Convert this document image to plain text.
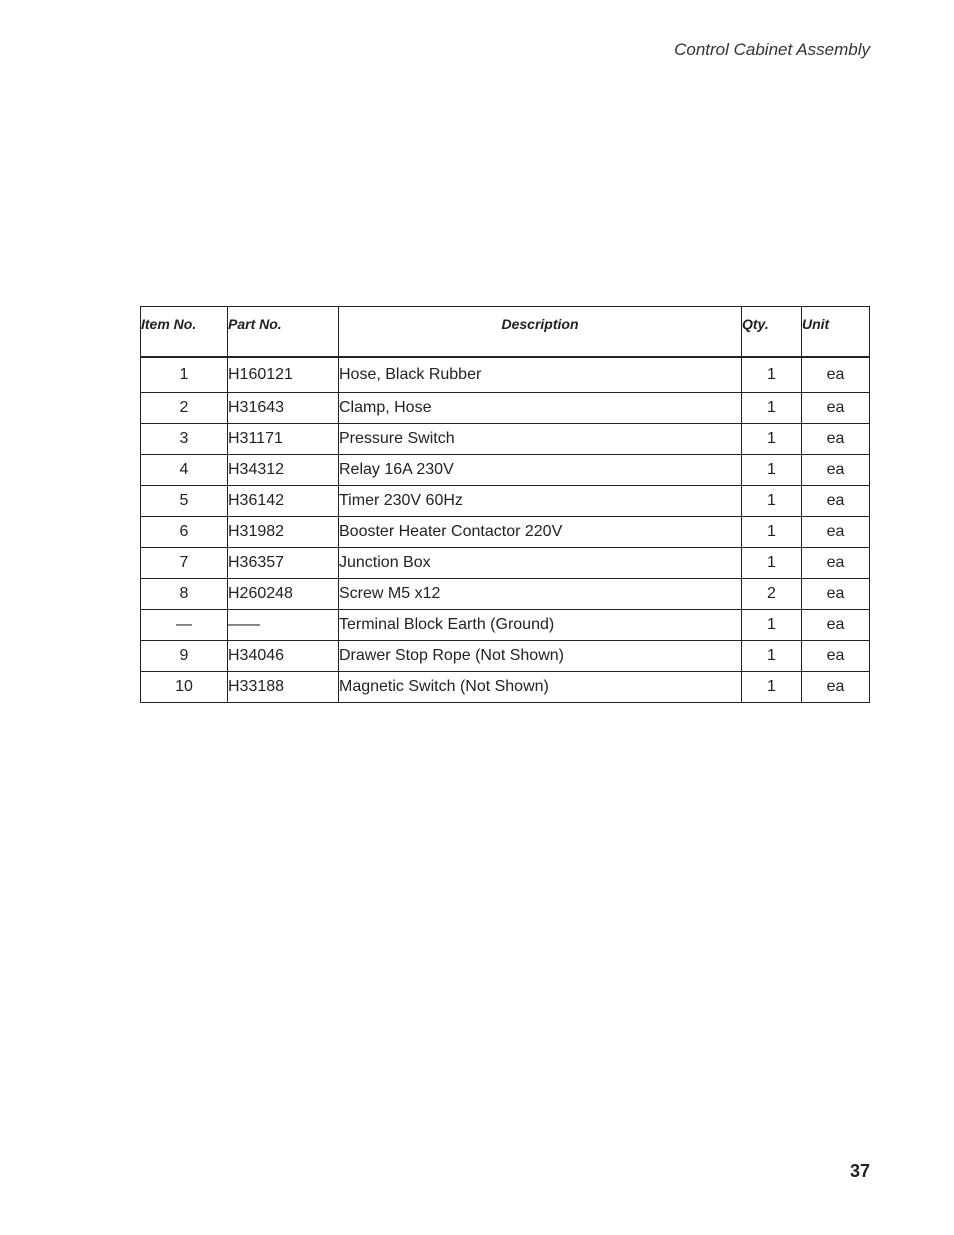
Control Cabinet Assembly
Item No.	Part No.	Description	Qty.	Unit
1	H160121	Hose, Black Rubber	1	ea
2	H31643	Clamp, Hose	1	ea
3	H31171	Pressure Switch	1	ea
4	H34312	Relay 16A 230V	1	ea
5	H36142	Timer 230V 60Hz	1	ea
6	H31982	Booster Heater Contactor 220V	1	ea
7	H36357	Junction Box	1	ea
8	H260248	Screw M5 x12	2	ea
—	——	Terminal Block Earth (Ground)	1	ea
9	H34046	Drawer Stop Rope (Not Shown)	1	ea
10	H33188	Magnetic Switch (Not Shown)	1	ea
37
